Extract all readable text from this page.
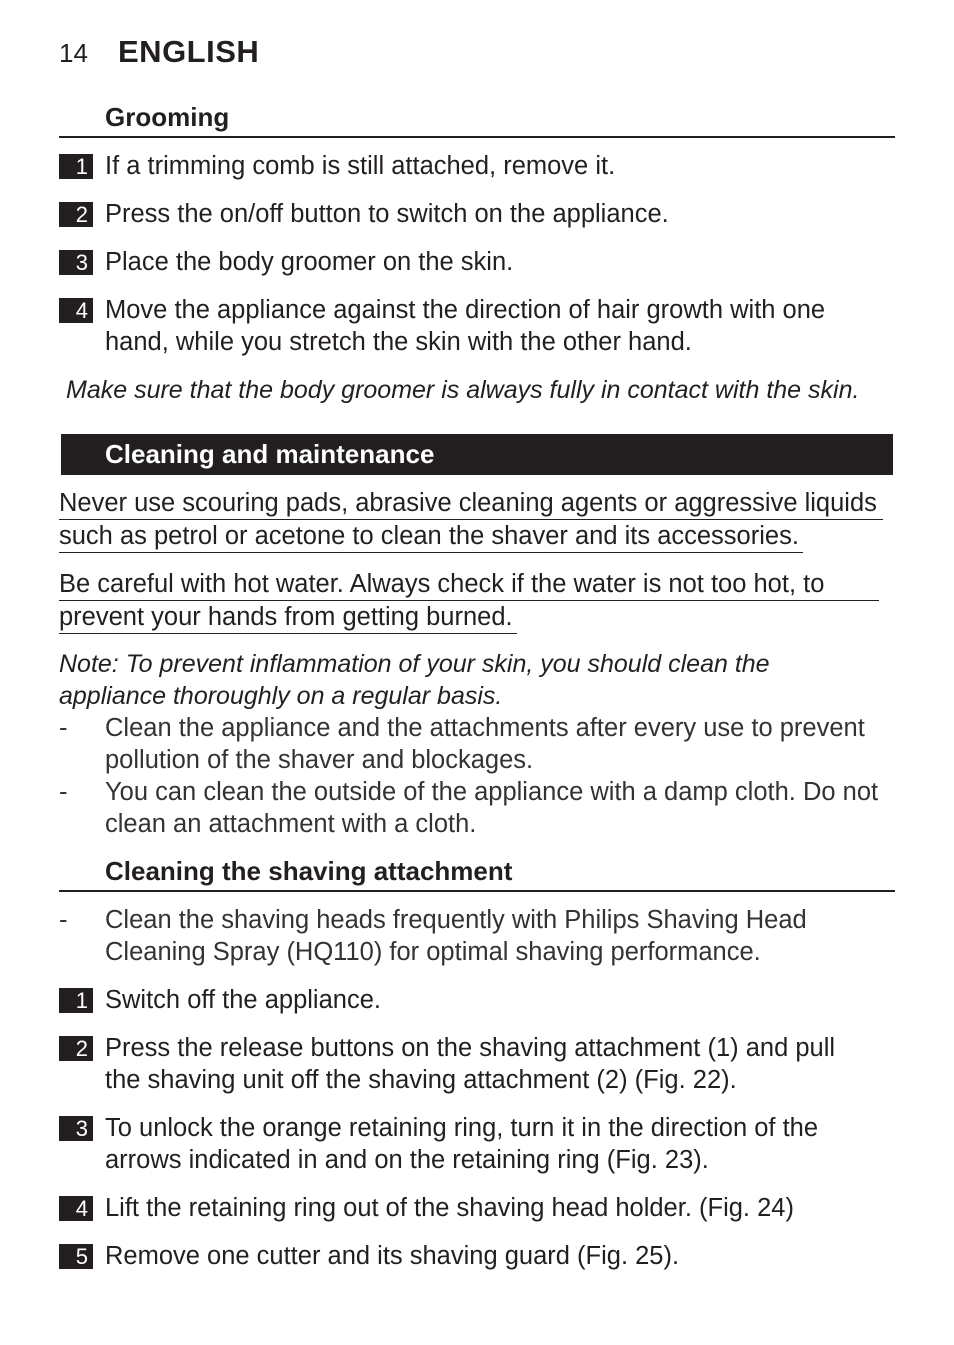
14 ENGLISH
Grooming
1 If a trimming comb is still attached, remove it.
2 Press the on/off button to switch on the appliance.
3 Place the body groomer on the skin.
4 Move the appliance against the direction of hair growth with one hand, while you stretch the skin with the other hand.
Make sure that the body groomer is always fully in contact with the skin.
Cleaning and maintenance
Never use scouring pads, abrasive cleaning agents or aggressive liquids
such as petrol or acetone to clean the shaver and its accessories.
Be careful with hot water. Always check if the water is not too hot, to
prevent your hands from getting burned.
Note: To prevent inflammation of your skin, you should clean the appliance thoroughly on a regular basis.
- Clean the appliance and the attachments after every use to prevent pollution of the shaver and blockages.
- You can clean the outside of the appliance with a damp cloth. Do not clean an attachment with a cloth.
Cleaning the shaving attachment
- Clean the shaving heads frequently with Philips Shaving Head Cleaning Spray (HQ110) for optimal shaving performance.
1 Switch off the appliance.
2 Press the release buttons on the shaving attachment (1) and pull the shaving unit off the shaving attachment (2) (Fig. 22).
3 To unlock the orange retaining ring, turn it in the direction of the arrows indicated in and on the retaining ring (Fig. 23).
4 Lift the retaining ring out of the shaving head holder. (Fig. 24)
5 Remove one cutter and its shaving guard (Fig. 25).
